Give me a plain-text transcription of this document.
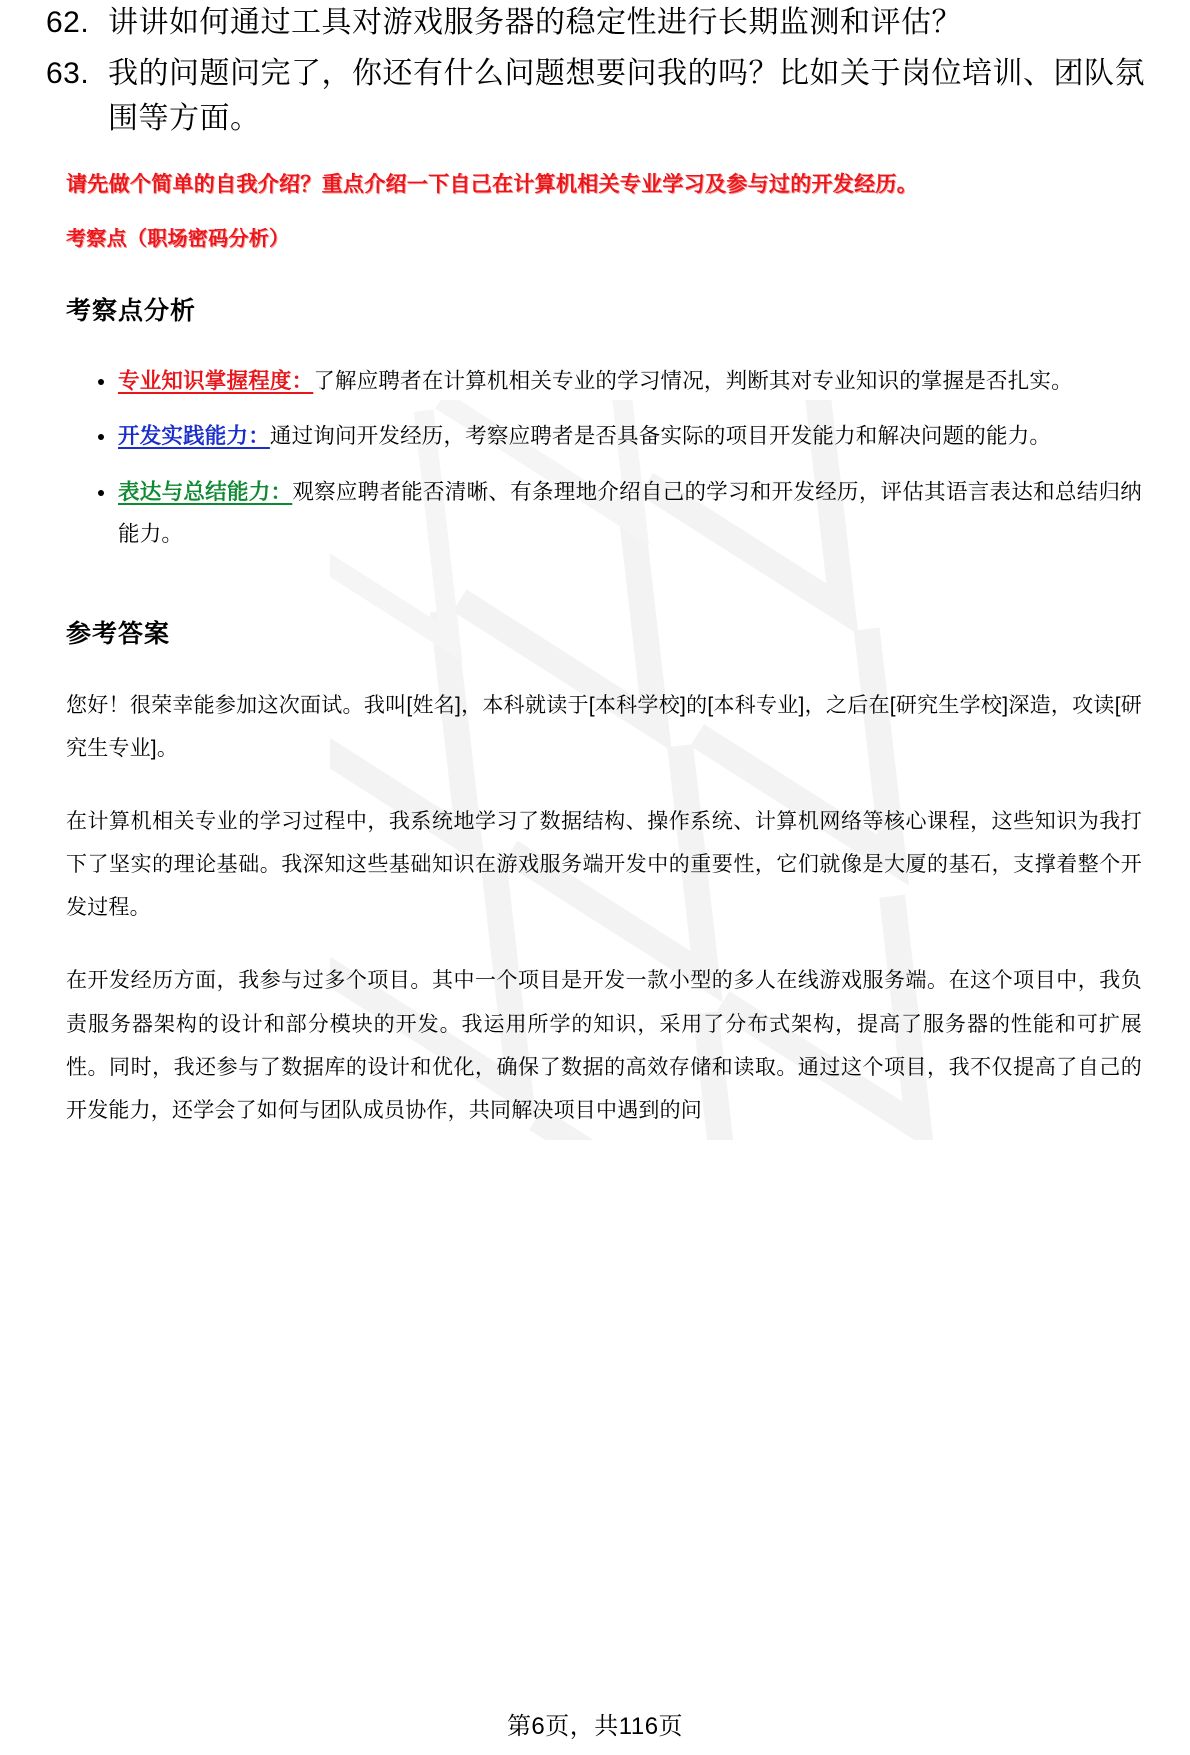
62. 讲讲如何通过工具对游戏服务器的稳定性进行长期监测和评估？
63. 我的问题问完了，你还有什么问题想要问我的吗？比如关于岗位培训、团队氛围等方面。
请先做个简单的自我介绍？重点介绍一下自己在计算机相关专业学习及参与过的开发经历。
考察点（职场密码分析）
考察点分析
专业知识掌握程度：了解应聘者在计算机相关专业的学习情况，判断其对专业知识的掌握是否扎实。
开发实践能力：通过询问开发经历，考察应聘者是否具备实际的项目开发能力和解决问题的能力。
表达与总结能力：观察应聘者能否清晰、有条理地介绍自己的学习和开发经历，评估其语言表达和总结归纳能力。
参考答案

您好！很荣幸能参加这次面试。我叫[姓名]，本科就读于[本科学校]的[本科专业]，之后在[研究生学校]深造，攻读[研究生专业]。

在计算机相关专业的学习过程中，我系统地学习了数据结构、操作系统、计算机网络等核心课程，这些知识为我打下了坚实的理论基础。我深知这些基础知识在游戏服务端开发中的重要性，它们就像是大厦的基石，支撑着整个开发过程。

在开发经历方面，我参与过多个项目。其中一个项目是开发一款小型的多人在线游戏服务端。在这个项目中，我负责服务器架构的设计和部分模块的开发。我运用所学的知识，采用了分布式架构，提高了服务器的性能和可扩展性。同时，我还参与了数据库的设计和优化，确保了数据的高效存储和读取。通过这个项目，我不仅提高了自己的开发能力，还学会了如何与团队成员协作，共同解决项目中遇到的问

第6页，共116页
